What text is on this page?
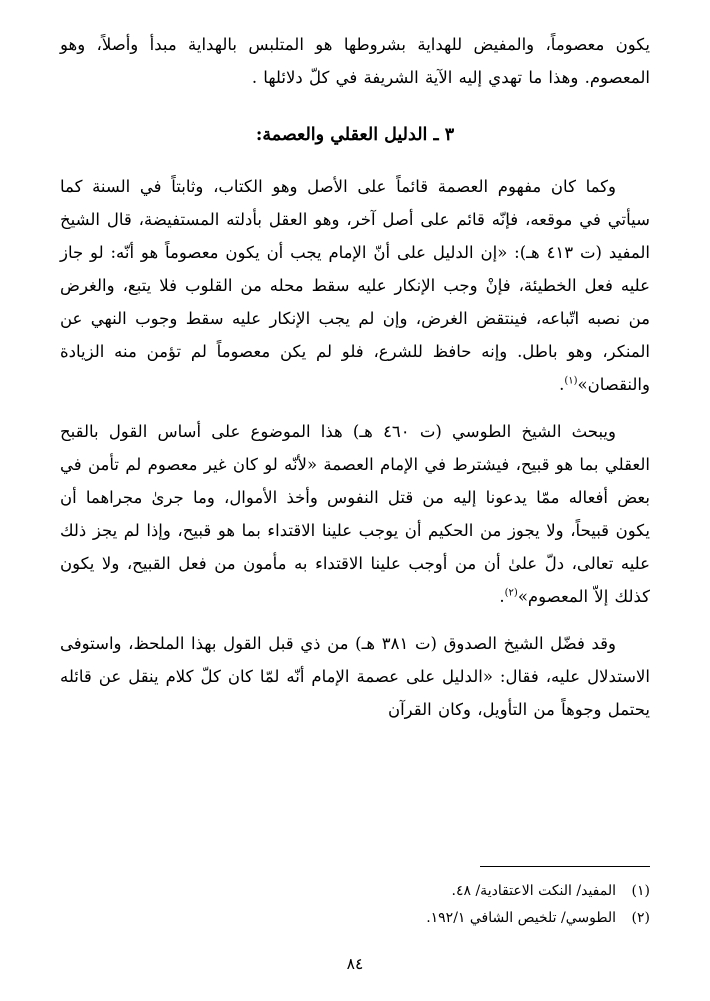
يكون معصوماً، والمفيض للهداية بشروطها هو المتلبس بالهداية مبدأ وأصلاً، وهو المعصوم. وهذا ما تهدي إليه الآية الشريفة في كلّ دلائلها .

٣ ـ الدليل العقلي والعصمة:

وكما كان مفهوم العصمة قائماً على الأصل وهو الكتاب، وثابتاً في السنة كما سيأتي في موقعه، فإنّه قائم على أصل آخر، وهو العقل بأدلته المستفيضة، قال الشيخ المفيد (ت ٤١٣ هـ): «إن الدليل على أنّ الإمام يجب أن يكون معصوماً هو أنّه: لو جاز عليه فعل الخطيئة، فإنْ وجب الإنكار عليه سقط محله من القلوب فلا يتبع، والغرض من نصبه اتّباعه، فينتقض الغرض، وإن لم يجب الإنكار عليه سقط وجوب النهي عن المنكر، وهو باطل. وإنه حافظ للشرع، فلو لم يكن معصوماً لم تؤمن منه الزيادة والنقصان»$^{(١)}$.

ويبحث الشيخ الطوسي (ت ٤٦٠ هـ) هذا الموضوع على أساس القول بالقبح العقلي بما هو قبيح، فيشترط في الإمام العصمة «لأنّه لو كان غير معصوم لم تأمن في بعض أفعاله ممّا يدعونا إليه من قتل النفوس وأخذ الأموال، وما جرىٰ مجراهما أن يكون قبيحاً، ولا يجوز من الحكيم أن يوجب علينا الاقتداء بما هو قبيح، وإذا لم يجز ذلك عليه تعالى، دلّ علىٰ أن من أوجب علينا الاقتداء به مأمون من فعل القبيح، ولا يكون كذلك إلاّ المعصوم»$^{(٢)}$.

وقد فضّل الشيخ الصدوق (ت ٣٨١ هـ) من ذي قبل القول بهذا الملحظ، واستوفى الاستدلال عليه، فقال: «الدليل على عصمة الإمام أنّه لمّا كان كلّ كلام ينقل عن قائله يحتمل وجوهاً من التأويل، وكان القرآن

(١)المفيد/ النكت الاعتقادية/ ٤٨.
(٢)الطوسي/ تلخيص الشافي ١٩٢/١.
٨٤
